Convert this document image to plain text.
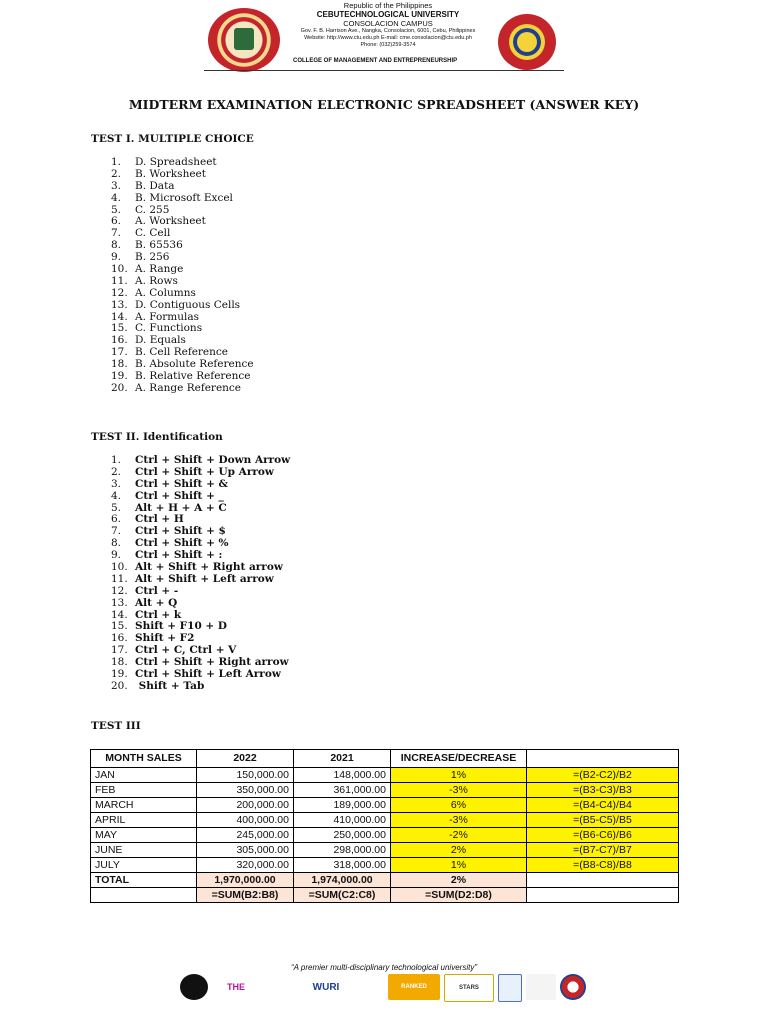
Republic of the Philippines
CEBUTECHNOLOGICAL UNIVERSITY
CONSOLACION CAMPUS
Gov. F. B. Harrison Ave., Nangka, Consolacion, 6001, Cebu, Philippines
Website: http://www.ctu.edu.ph E-mail: cme.consolacion@ctu.edu.ph
Phone: (032)259-3574
COLLEGE OF MANAGEMENT AND ENTREPRENEURSHIP
MIDTERM EXAMINATION ELECTRONIC SPREADSHEET (ANSWER KEY)
TEST I. MULTIPLE CHOICE
1. D. Spreadsheet
2. B. Worksheet
3. B. Data
4. B. Microsoft Excel
5. C. 255
6. A. Worksheet
7. C. Cell
8. B. 65536
9. B. 256
10. A. Range
11. A. Rows
12. A. Columns
13. D. Contiguous Cells
14. A. Formulas
15. C. Functions
16. D. Equals
17. B. Cell Reference
18. B. Absolute Reference
19. B. Relative Reference
20. A. Range Reference
TEST II. Identification
1. Ctrl + Shift + Down Arrow
2. Ctrl + Shift + Up Arrow
3. Ctrl + Shift + &
4. Ctrl + Shift + _
5. Alt + H + A + C
6. Ctrl + H
7. Ctrl + Shift + $
8. Ctrl + Shift + %
9. Ctrl + Shift + :
10. Alt + Shift + Right arrow
11. Alt + Shift + Left arrow
12. Ctrl + -
13. Alt + Q
14. Ctrl + k
15. Shift + F10 + D
16. Shift + F2
17. Ctrl + C, Ctrl + V
18. Ctrl + Shift + Right arrow
19. Ctrl + Shift + Left Arrow
20. Shift + Tab
TEST III
MONTH SALES	2022	2021	INCREASE/DECREASE	
JAN	150,000.00	148,000.00	1%	=(B2-C2)/B2
FEB	350,000.00	361,000.00	-3%	=(B3-C3)/B3
MARCH	200,000.00	189,000.00	6%	=(B4-C4)/B4
APRIL	400,000.00	410,000.00	-3%	=(B5-C5)/B5
MAY	245,000.00	250,000.00	-2%	=(B6-C6)/B6
JUNE	305,000.00	298,000.00	2%	=(B7-C7)/B7
JULY	320,000.00	318,000.00	1%	=(B8-C8)/B8
TOTAL	1,970,000.00	1,974,000.00	2%	
	=SUM(B2:B8)	=SUM(C2:C8)	=SUM(D2:D8)	
“A premier multi-disciplinary technological university”
THE	WURI	RANKED	STARS
